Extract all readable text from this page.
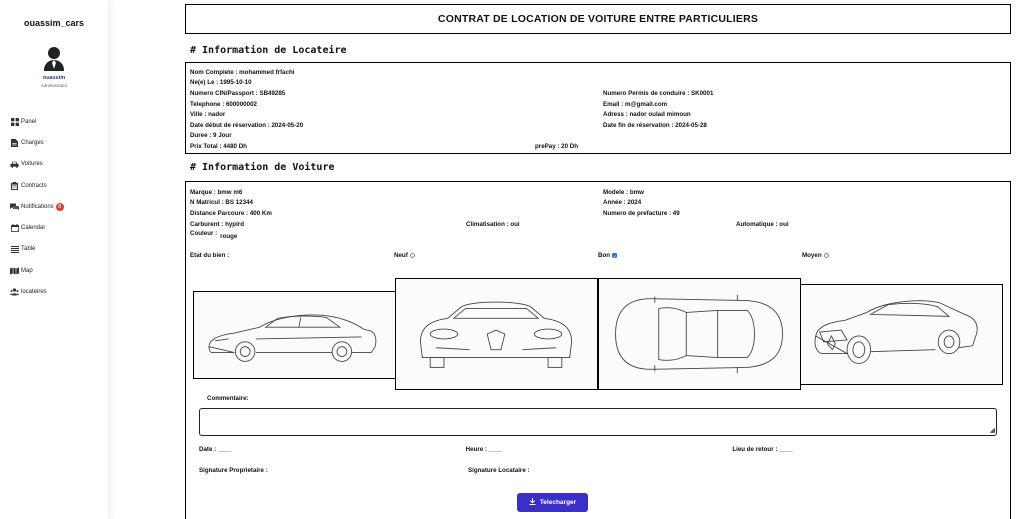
ouassim_cars
ouassim
Administrator
Panel
Charges
Voitures
Contracts
Notifications 0
Calendar
Table
Map
locateires
CONTRAT DE LOCATION DE VOITURE ENTRE PARTICULIERS
# Information de Locateire
Nom Complete : mohammed frfachi
Ne(e) Le : 1995-10-10
Numero CIN/Passport : SB49285	Numero Permis de conduire : SK0001
Telephone : 600000002	Email : m@gmail.com
Ville : nador	Adress : nador oulad mimoun
Date début de réservation : 2024-05-20	Date fin de réservation : 2024-05-28
Duree : 9 Jour
Prix Total : 4480 Dh	prePay : 20 Dh
# Information de Voiture
Marque : bmw m6	Modele : bmw
N Matricul : BS 12344	Année : 2024
Distance Parcoure : 400 Km	Numero de prefacture : 49
Carburent : hypird	Climatisation : oui	Automatique : oui
Couleur : rouge
Etat du bien :	Neuf	Bon ✓	Moyen
Commentaire:
◢
Date : ____	Heure : ____	Lieu de retour : ____
Signature Proprietaire :	Signature Locataire :
Telecharger
